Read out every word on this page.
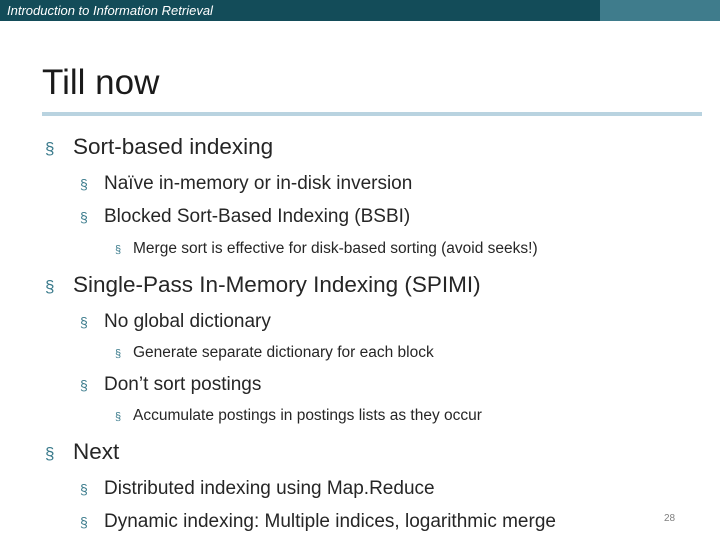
Introduction to Information Retrieval
Till now
§ Sort-based indexing
§ Naïve in-memory or in-disk inversion
§ Blocked Sort-Based Indexing (BSBI)
§ Merge sort is effective for disk-based sorting (avoid seeks!)
§ Single-Pass In-Memory Indexing (SPIMI)
§ No global dictionary
§ Generate separate dictionary for each block
§ Don’t sort postings
§ Accumulate postings in postings lists as they occur
§ Next
§ Distributed indexing using Map.Reduce
§ Dynamic indexing: Multiple indices, logarithmic merge	28
